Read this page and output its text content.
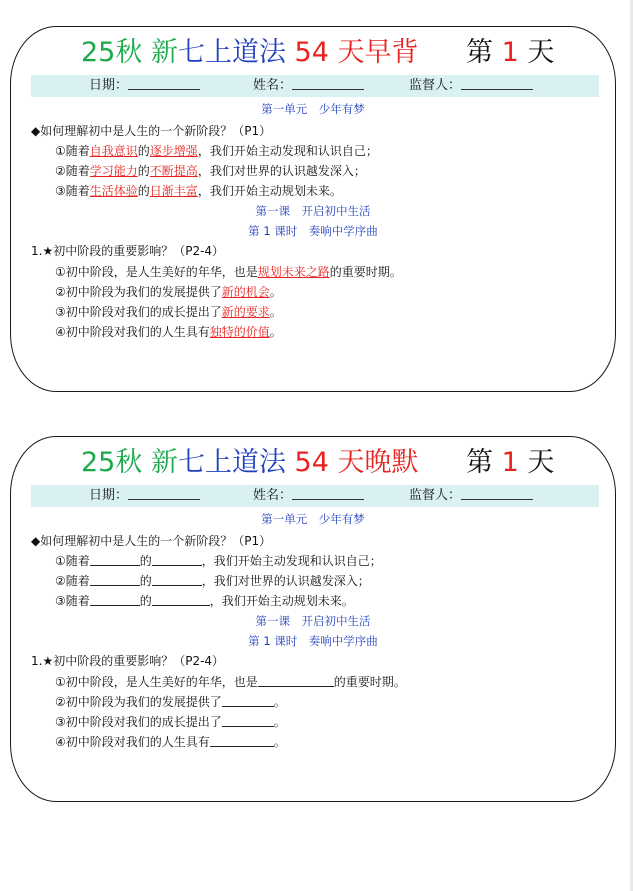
25秋 新七上道法 54 天早背 第 1 天
日期：	姓名：	监督人：
第一单元　少年有梦
◆如何理解初中是人生的一个新阶段？（P1）
①随着自我意识的逐步增强，我们开始主动发现和认识自己；
②随着学习能力的不断提高，我们对世界的认识越发深入；
③随着生活体验的日渐丰富，我们开始主动规划未来。
第一课　开启初中生活
第 1 课时　奏响中学序曲
1.★初中阶段的重要影响？（P2-4）
①初中阶段，是人生美好的年华，也是规划未来之路的重要时期。
②初中阶段为我们的发展提供了新的机会。
③初中阶段对我们的成长提出了新的要求。
④初中阶段对我们的人生具有独特的价值。
25秋 新七上道法 54 天晚默 第 1 天
日期：	姓名：	监督人：
第一单元　少年有梦
◆如何理解初中是人生的一个新阶段？（P1）
①随着	的	，我们开始主动发现和认识自己；
②随着	的	，我们对世界的认识越发深入；
③随着	的	，我们开始主动规划未来。
第一课　开启初中生活
第 1 课时　奏响中学序曲
1.★初中阶段的重要影响？（P2-4）
①初中阶段，是人生美好的年华，也是	的重要时期。
②初中阶段为我们的发展提供了	。
③初中阶段对我们的成长提出了	。
④初中阶段对我们的人生具有	。
